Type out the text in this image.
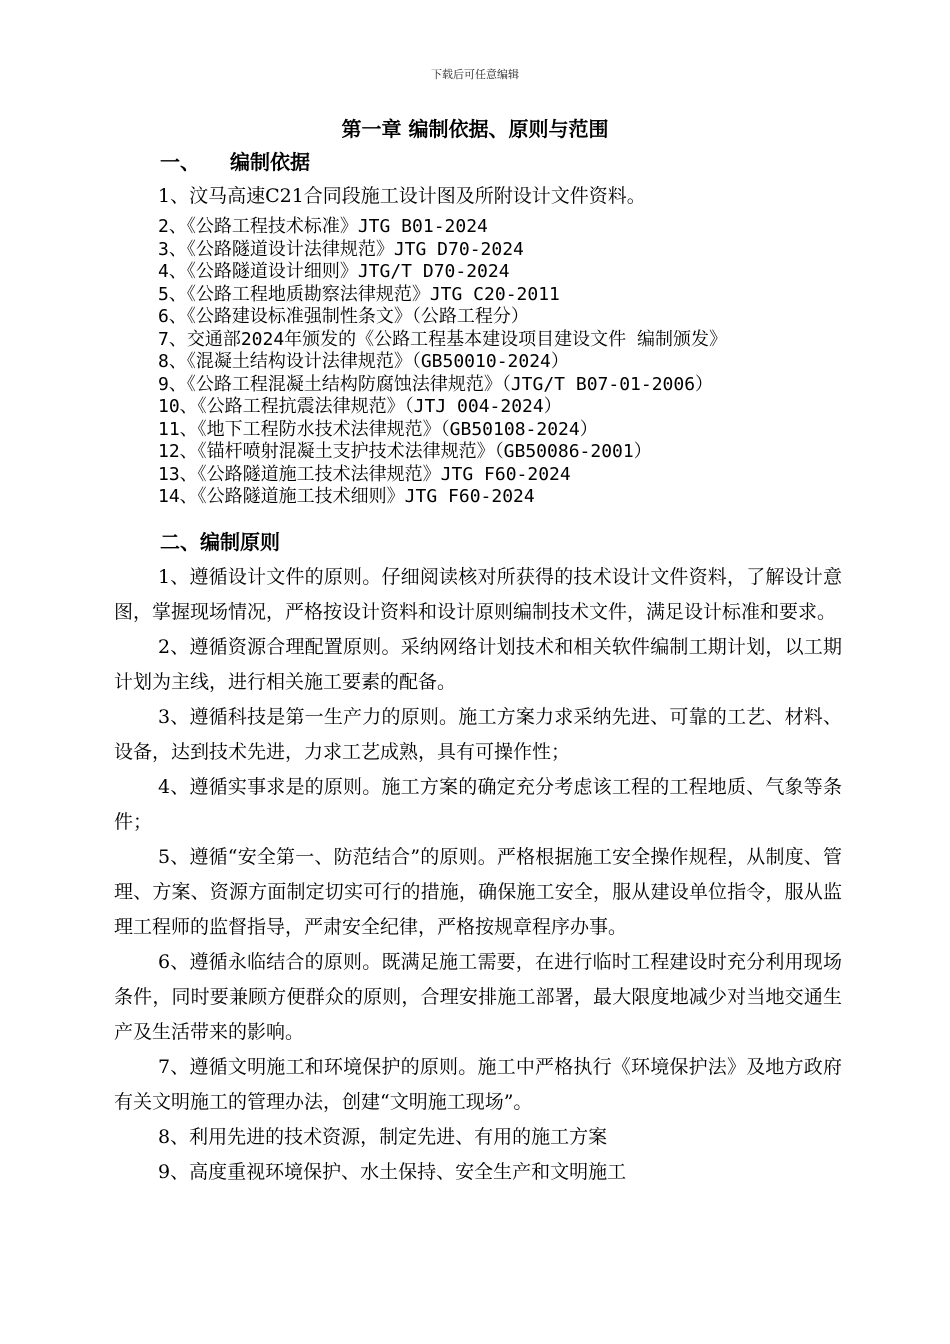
下载后可任意编辑
第一章 编制依据、原则与范围
一、 编制依据
1、汶马高速C21合同段施工设计图及所附设计文件资料。
2、《公路工程技术标准》JTG B01-2024
3、《公路隧道设计法律规范》JTG D70-2024
4、《公路隧道设计细则》JTG/T D70-2024
5、《公路工程地质勘察法律规范》JTG C20-2011
6、《公路建设标准强制性条文》（公路工程分）
7、交通部2024年颁发的《公路工程基本建设项目建设文件 编制颁发》
8、《混凝土结构设计法律规范》（GB50010-2024）
9、《公路工程混凝土结构防腐蚀法律规范》（JTG/T B07-01-2006）
10、《公路工程抗震法律规范》（JTJ 004-2024）
11、《地下工程防水技术法律规范》（GB50108-2024）
12、《锚杆喷射混凝土支护技术法律规范》（GB50086-2001）
13、《公路隧道施工技术法律规范》JTG F60-2024
14、《公路隧道施工技术细则》JTG F60-2024
二、编制原则

1、遵循设计文件的原则。仔细阅读核对所获得的技术设计文件资料，了解设计意图，掌握现场情况，严格按设计资料和设计原则编制技术文件，满足设计标准和要求。

2、遵循资源合理配置原则。采纳网络计划技术和相关软件编制工期计划，以工期计划为主线，进行相关施工要素的配备。

3、遵循科技是第一生产力的原则。施工方案力求采纳先进、可靠的工艺、材料、设备，达到技术先进，力求工艺成熟，具有可操作性；

4、遵循实事求是的原则。施工方案的确定充分考虑该工程的工程地质、气象等条件；

5、遵循“安全第一、防范结合”的原则。严格根据施工安全操作规程，从制度、管理、方案、资源方面制定切实可行的措施，确保施工安全，服从建设单位指令，服从监理工程师的监督指导，严肃安全纪律，严格按规章程序办事。

6、遵循永临结合的原则。既满足施工需要，在进行临时工程建设时充分利用现场条件，同时要兼顾方便群众的原则，合理安排施工部署，最大限度地减少对当地交通生产及生活带来的影响。

7、遵循文明施工和环境保护的原则。施工中严格执行《环境保护法》及地方政府有关文明施工的管理办法，创建“文明施工现场”。

8、利用先进的技术资源，制定先进、有用的施工方案

9、高度重视环境保护、水土保持、安全生产和文明施工
